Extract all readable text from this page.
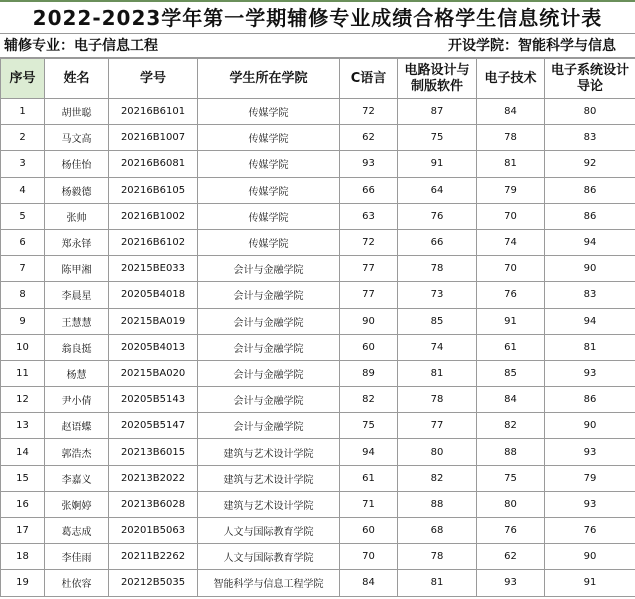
2022-2023学年第一学期辅修专业成绩合格学生信息统计表
辅修专业：电子信息工程	开设学院：智能科学与信息
序号	姓名	学号	学生所在学院	C语言	电路设计与制版软件	电子技术	电子系统设计导论
1	胡世聪	20216B6101	传媒学院	72	87	84	80
2	马文高	20216B1007	传媒学院	62	75	78	83
3	杨佳怡	20216B6081	传媒学院	93	91	81	92
4	杨毅德	20216B6105	传媒学院	66	64	79	86
5	张帅	20216B1002	传媒学院	63	76	70	86
6	郑永铎	20216B6102	传媒学院	72	66	74	94
7	陈甲湘	20215BE033	会计与金融学院	77	78	70	90
8	李晨星	20205B4018	会计与金融学院	77	73	76	83
9	王慧慧	20215BA019	会计与金融学院	90	85	91	94
10	翁良挺	20205B4013	会计与金融学院	60	74	61	81
11	杨慧	20215BA020	会计与金融学院	89	81	85	93
12	尹小倩	20205B5143	会计与金融学院	82	78	84	86
13	赵语蝶	20205B5147	会计与金融学院	75	77	82	90
14	郭浩杰	20213B6015	建筑与艺术设计学院	94	80	88	93
15	李嘉义	20213B2022	建筑与艺术设计学院	61	82	75	79
16	张婀婷	20213B6028	建筑与艺术设计学院	71	88	80	93
17	葛志成	20201B5063	人文与国际教育学院	60	68	76	76
18	李佳雨	20211B2262	人文与国际教育学院	70	78	62	90
19	杜依容	20212B5035	智能科学与信息工程学院	84	81	93	91
